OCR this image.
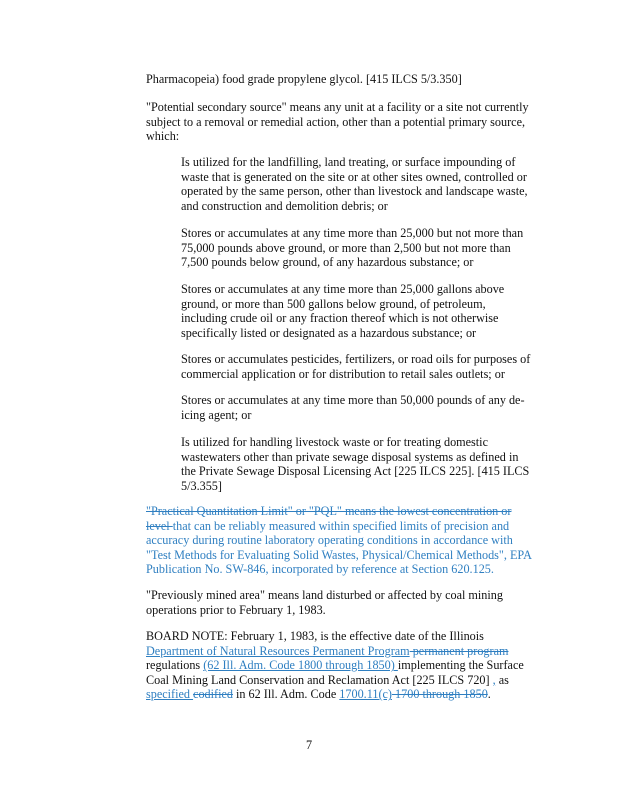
Pharmacopeia) food grade propylene glycol. [415 ILCS 5/3.350]

"Potential secondary source" means any unit at a facility or a site not currently subject to a removal or remedial action, other than a potential primary source, which:

Is utilized for the landfilling, land treating, or surface impounding of waste that is generated on the site or at other sites owned, controlled or operated by the same person, other than livestock and landscape waste, and construction and demolition debris; or

Stores or accumulates at any time more than 25,000 but not more than 75,000 pounds above ground, or more than 2,500 but not more than 7,500 pounds below ground, of any hazardous substance; or

Stores or accumulates at any time more than 25,000 gallons above ground, or more than 500 gallons below ground, of petroleum, including crude oil or any fraction thereof which is not otherwise specifically listed or designated as a hazardous substance; or

Stores or accumulates pesticides, fertilizers, or road oils for purposes of commercial application or for distribution to retail sales outlets; or

Stores or accumulates at any time more than 50,000 pounds of any de-icing agent; or

Is utilized for handling livestock waste or for treating domestic wastewaters other than private sewage disposal systems as defined in the Private Sewage Disposal Licensing Act [225 ILCS 225]. [415 ILCS 5/3.355]

"Practical Quantitation Limit" or "PQL" means the lowest concentration or level that can be reliably measured within specified limits of precision and accuracy during routine laboratory operating conditions in accordance with "Test Methods for Evaluating Solid Wastes, Physical/Chemical Methods", EPA Publication No. SW-846, incorporated by reference at Section 620.125.

"Previously mined area" means land disturbed or affected by coal mining operations prior to February 1, 1983.

BOARD NOTE: February 1, 1983, is the effective date of the Illinois Department of Natural Resources Permanent Program permanent program regulations (62 Ill. Adm. Code 1800 through 1850) implementing the Surface Coal Mining Land Conservation and Reclamation Act [225 ILCS 720] , as specified codified in 62 Ill. Adm. Code 1700.11(c) 1700 through 1850.

7
